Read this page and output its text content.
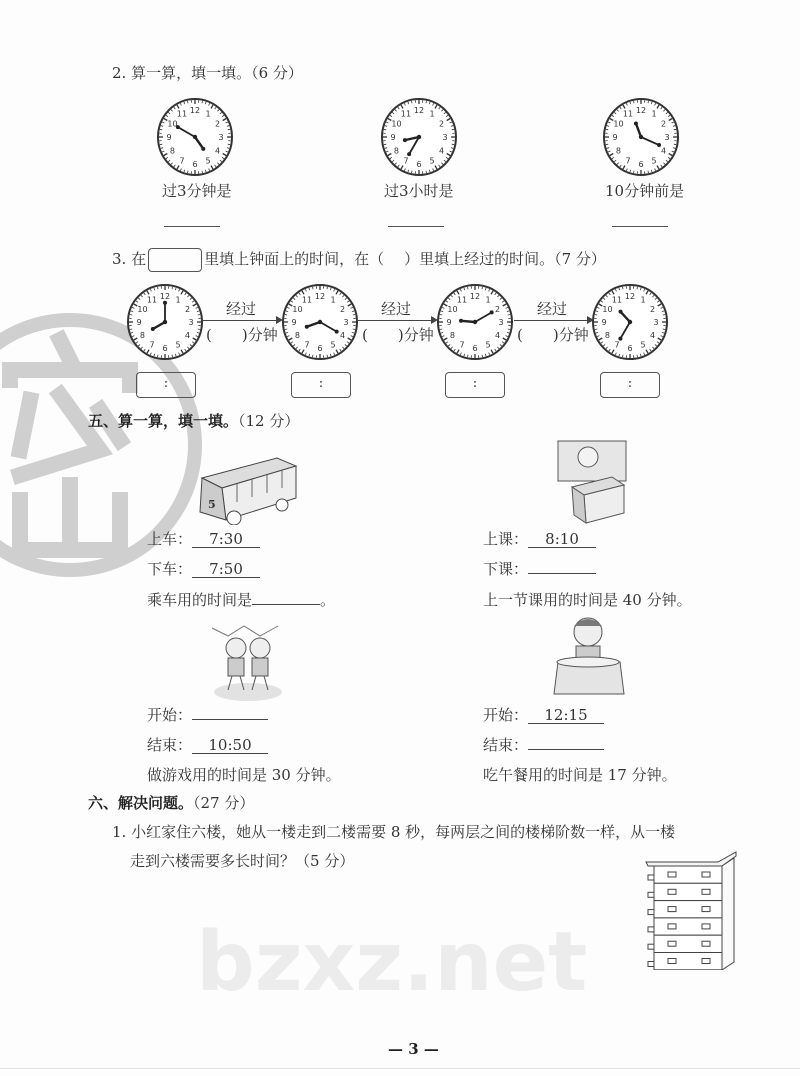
2. 算一算，填一填。（6 分）
1
2
3
4
5
6
7
8
9
10
11 12	1
2
3
4
5
6
7
8
9
10
11 12	1
2
3
4
5
6
7
8
9
10
11 12
过3分钟是	过3小时是	10分钟前是
3. 在	里填上钟面上的时间，在（ ）里填上经过的时间。（7 分）
1
2
3
4
5
6
7
8
9
10
11 12	1
2
3
4
5
6
7
8
9
10
11 12	1
2
3
4
5
6
7
8
9
10
11 12	1
2
3
4
5
6
7
8
9
10
11 12
经过	经过	经过
(　　)分钟	(　　)分钟	(　　)分钟
:	:	:	:
五、算一算，填一填。（12 分）
5
上车： 7:30
下车： 7:50
乘车用的时间是	。
上课： 8:10
下课：
上一节课用的时间是 40 分钟。
开始：
结束： 10:50
做游戏用的时间是 30 分钟。
开始： 12:15
结束：
吃午餐用的时间是 17 分钟。
六、解决问题。（27 分）
1. 小红家住六楼，她从一楼走到二楼需要 8 秒，每两层之间的楼梯阶数一样，从一楼
走到六楼需要多长时间？（5 分）
bzxz.net
— 3 —
